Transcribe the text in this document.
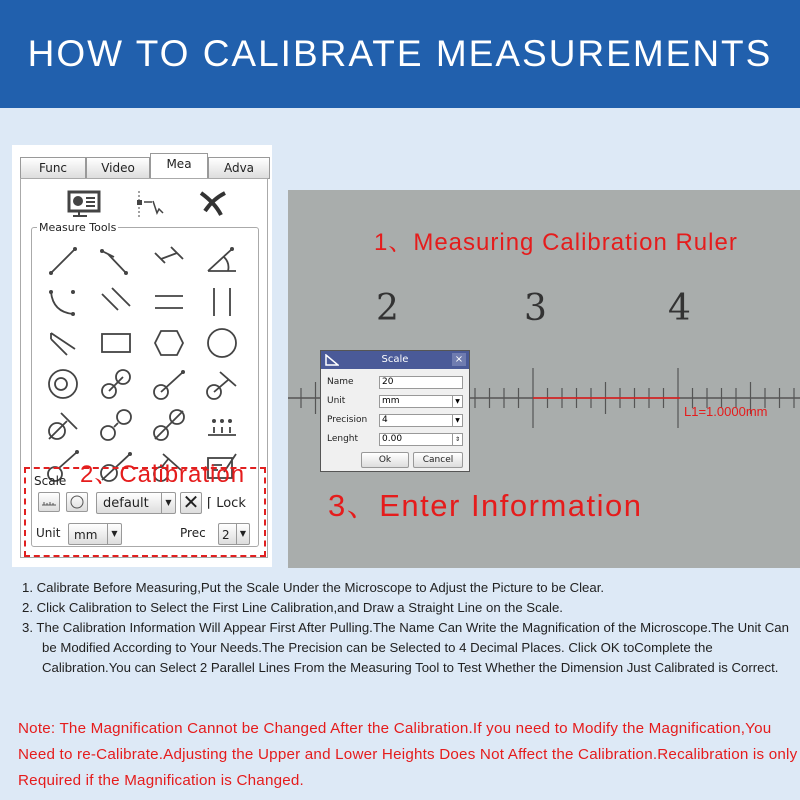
HOW TO CALIBRATE MEASUREMENTS
Func	Video	Mea	Adva
Measure Tools
Scale 2、Calibration
default	▼ ✕ ⌈ Lock
Unit	mm	▼	Prec	2	▼
2	3	4
1、Measuring Calibration Ruler
L1=1.0000mm
3、Enter Information
Scale	×
Name	20
Unit	mm	▼
Precision	4	▼
Lenght	0.00	⇕
Ok	Cancel

1. Calibrate Before Measuring,Put the Scale Under the Microscope to Adjust the Picture to be Clear.

2. Click Calibration to Select the First Line Calibration,and Draw a Straight Line on the Scale.

3. The Calibration Information Will Appear First After Pulling.The Name Can Write the Magnification of the Microscope.The Unit Can be Modified According to Your Needs.The Precision can be Selected to 4 Decimal Places. Click OK toComplete the Calibration.You can Select 2 Parallel Lines From the Measuring Tool to Test Whether the Dimension Just Calibrated is Correct.

Note: The Magnification Cannot be Changed After the Calibration.If you need to Modify the Magnification,You Need to re-Calibrate.Adjusting the Upper and Lower Heights Does Not Affect the Calibration.Recalibration is only Required if the Magnification is Changed.
